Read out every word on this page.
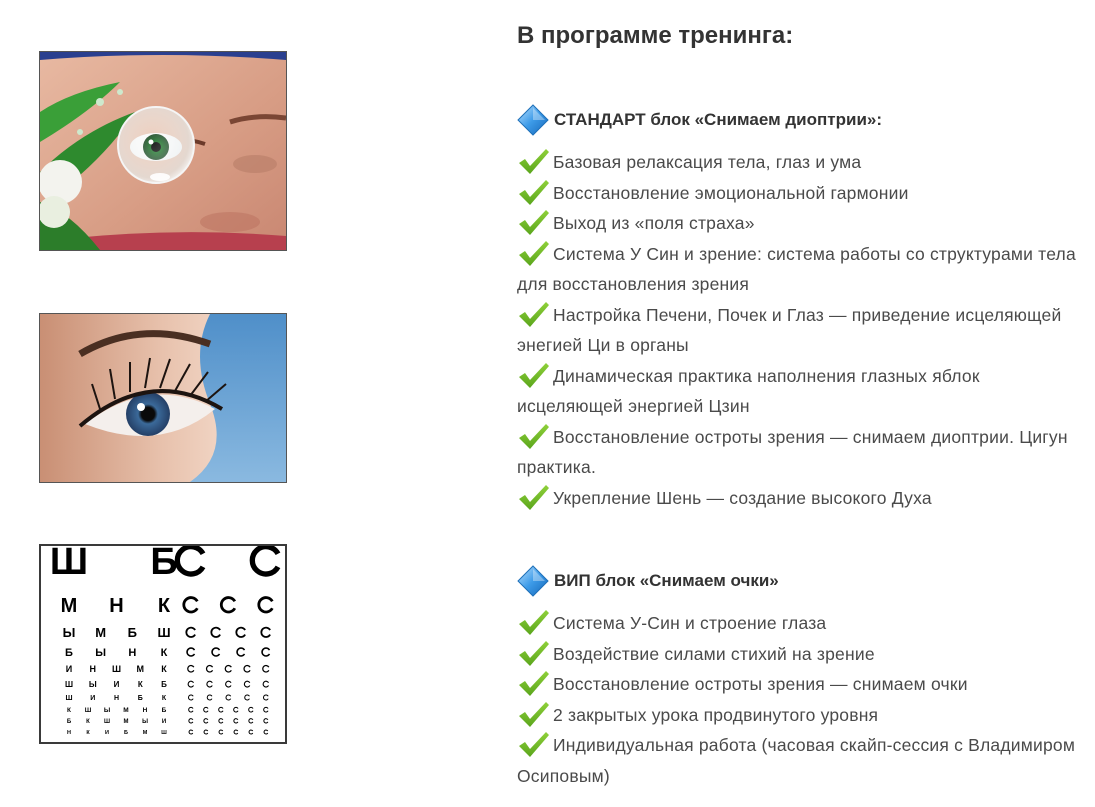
Ш Б
М Н К
Ы М Б Ш
Б Ы Н К
И Н Ш М К
Ш Ы И К Б
Ш	И	Н	Б	К
К Ш Ы М Н Б
Б	К Ш М Ы И
Н	К	И	Б	М	Ш
В программе тренинга:
СТАНДАРТ блок «Снимаем диоптрии»:
Базовая релаксация тела, глаз и ума
Восстановление эмоциональной гармонии
Выход из «поля страха»
Система У Син и зрение: система работы со структурами тела для восстановления зрения
Настройка Печени, Почек и Глаз — приведение исцеляющей энегией Ци в органы
Динамическая практика наполнения глазных яблок исцеляющей энергией Цзин
Восстановление остроты зрения — снимаем диоптрии. Цигун практика.
Укрепление Шень — создание высокого Духа
ВИП блок «Снимаем очки»
Система У-Син и строение глаза
Воздействие силами стихий на зрение
Восстановление остроты зрения — снимаем очки
2 закрытых урока продвинутого уровня
Индивидуальная работа (часовая скайп-сессия с Владимиром Осиповым)
